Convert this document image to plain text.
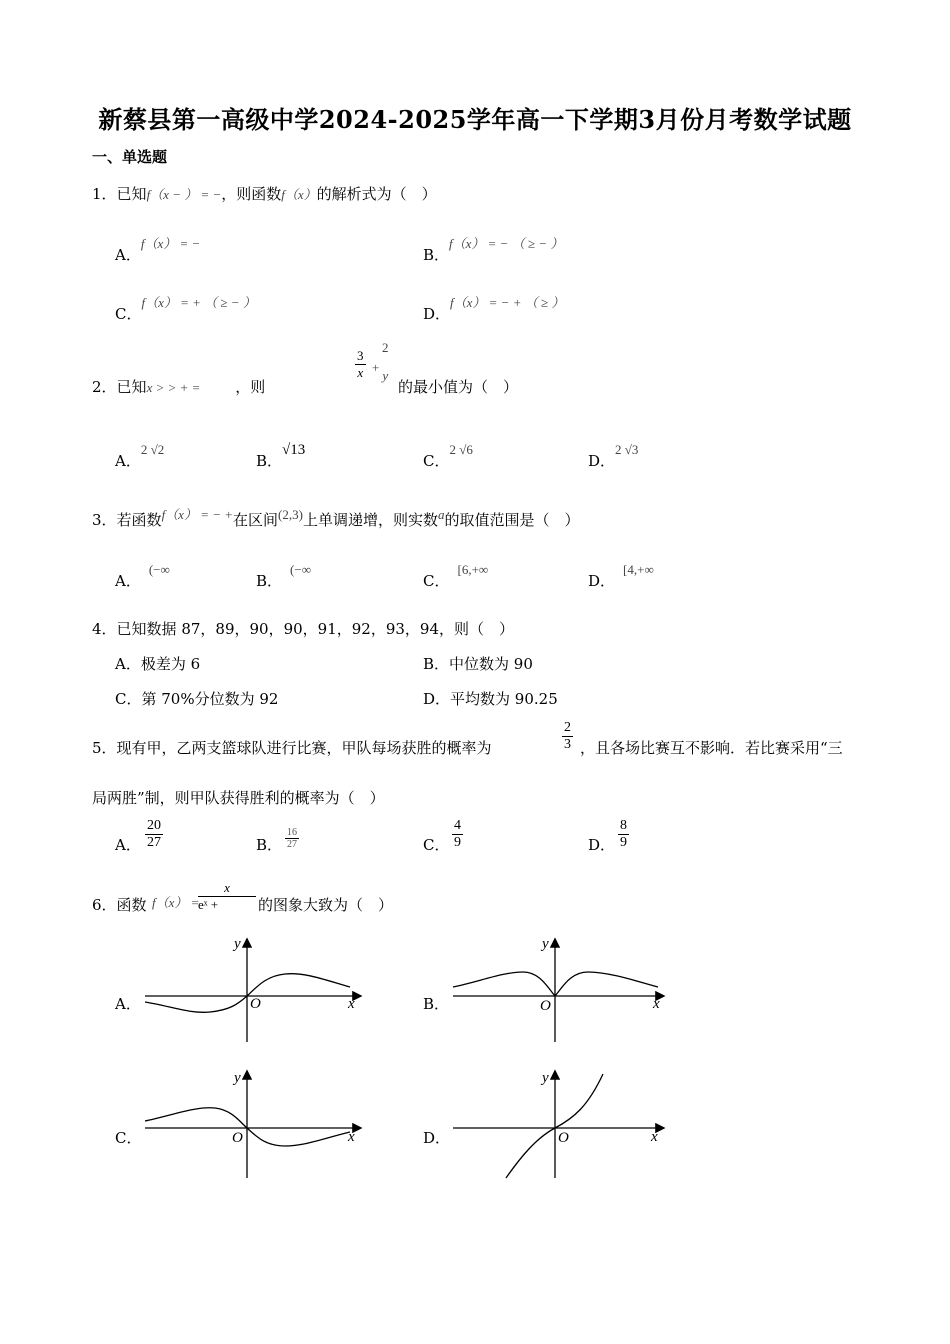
新蔡县第一高级中学2024-2025学年高一下学期3月份月考数学试题
一、单选题
1．已知f（x − ） = −，则函数f（x）的解析式为（　）
A．f（x） = −
B．f（x） = − （ ≥ − ）
C．f（x） = + （ ≥ − ）
D．f（x） = − + （ ≥ ）
2．已知x > > + = ，则
$\frac{3}{x}$ +
2
y
的最小值为（　）
A．2 √2
B．√13
C．2 √6
D．2 √3
3．若函数f（x） = − +在区间(2,3)上单调递增，则实数a的取值范围是（　）
A．(−∞
B．(−∞
C．[6,+∞
D．[4,+∞
4．已知数据 87，89，90，90，91，92，93，94，则（　）
A．极差为 6	B．中位数为 90
C．第 70%分位数为 92	D．平均数为 90.25
5．现有甲，乙两支篮球队进行比赛，甲队每场获胜的概率为	$\frac{2}{3}$ ，且各场比赛互不影响．若比赛采用“三
局两胜”制，则甲队获得胜利的概率为（　）
A． $\frac{20}{27}$	B． $\frac{16}{27}$	C． $\frac{4}{9}$	D． $\frac{8}{9}$
6．函数 f（x） =
$\frac{x}{\text{eˣ +}}$ 的图象大致为（　）
A．	B．
C．	D．
y
x
O
y
x
O
y
x
O
y
x
O
